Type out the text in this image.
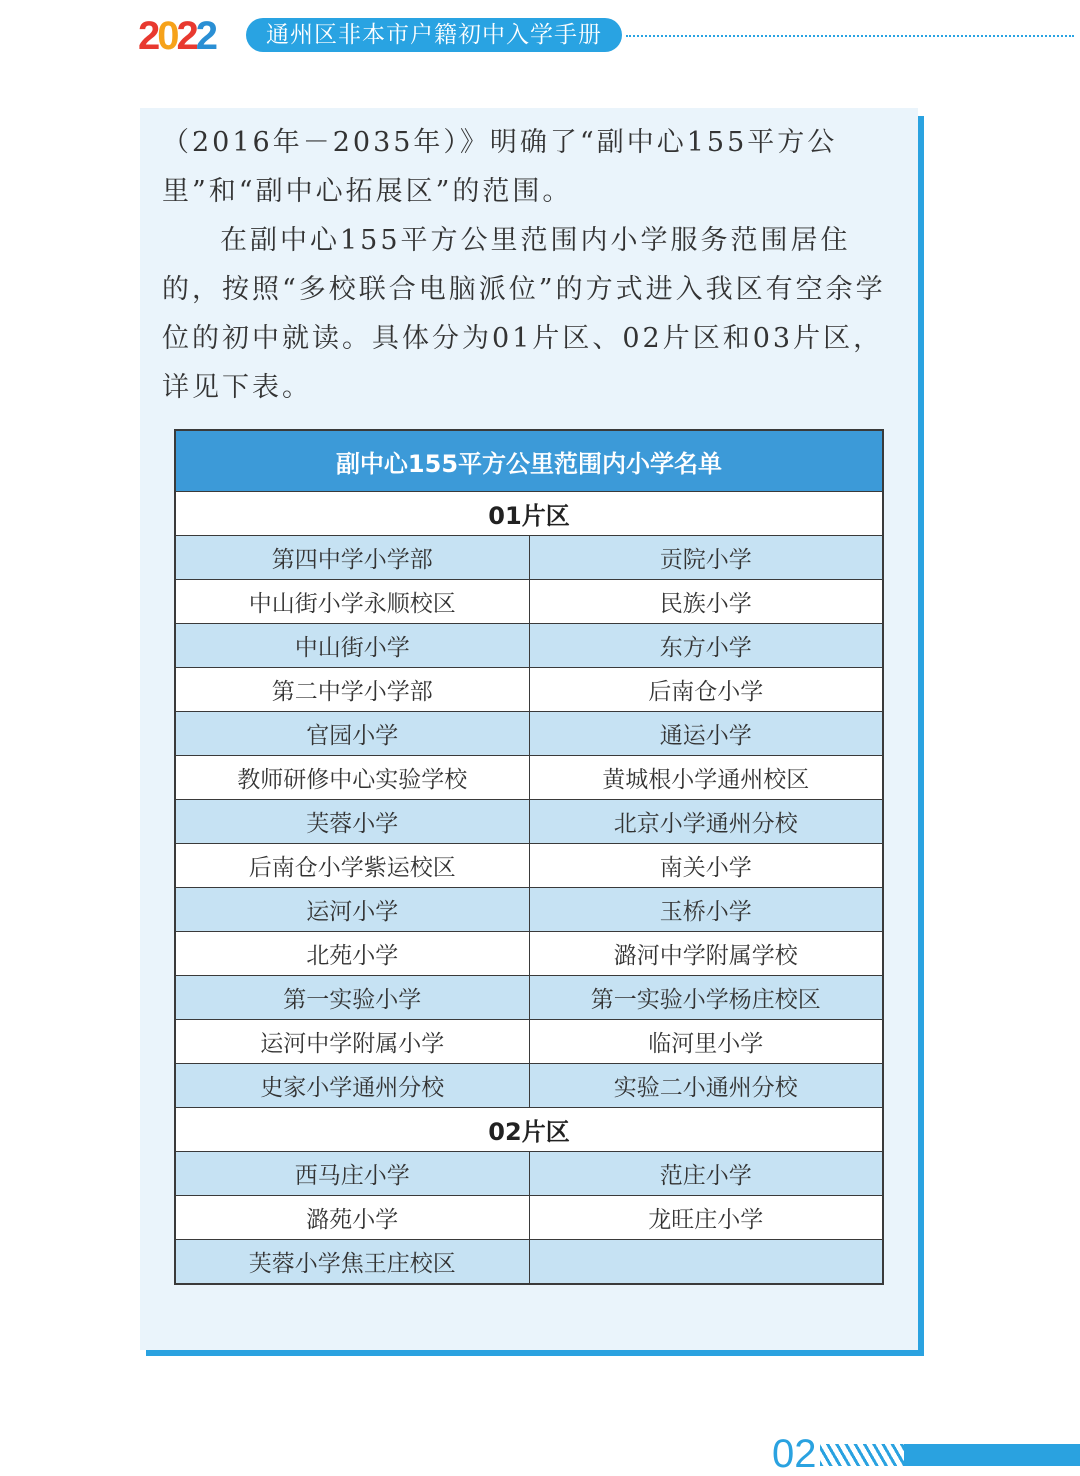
2022	通州区非本市户籍初中入学手册

（2016年－2035年）》明确了“副中心155平方公里”和“副中心拓展区”的范围。

在副中心155平方公里范围内小学服务范围居住的，按照“多校联合电脑派位”的方式进入我区有空余学位的初中就读。具体分为01片区、02片区和03片区，详见下表。

副中心155平方公里范围内小学名单	
01片区	
第四中学小学部	贡院小学
中山街小学永顺校区	民族小学
中山街小学	东方小学
第二中学小学部	后南仓小学
官园小学	通运小学
教师研修中心实验学校	黄城根小学通州校区
芙蓉小学	北京小学通州分校
后南仓小学紫运校区	南关小学
运河小学	玉桥小学
北苑小学	潞河中学附属学校
第一实验小学	第一实验小学杨庄校区
运河中学附属小学	临河里小学
史家小学通州分校	实验二小通州分校
02片区	
西马庄小学	范庄小学
潞苑小学	龙旺庄小学
芙蓉小学焦王庄校区	
02
